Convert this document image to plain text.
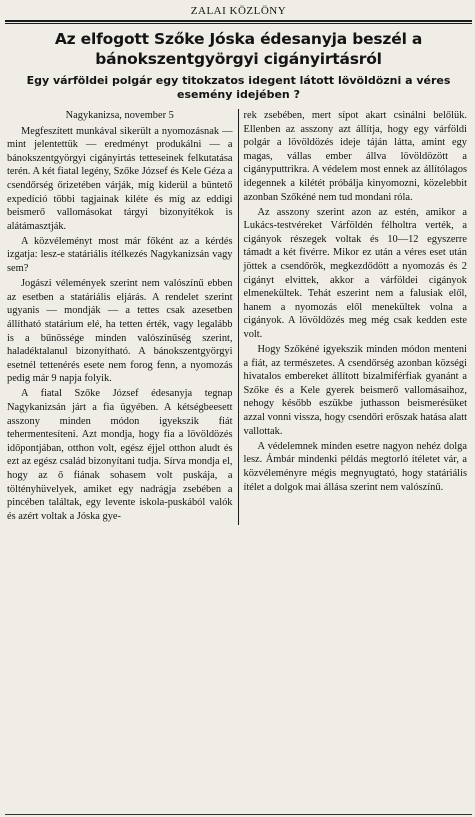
ZALAI KÖZLÖNY
Az elfogott Szőke Jóska édesanyja beszél a bánokszentgyörgyi cigányirtásról
Egy várföldei polgár egy titokzatos idegent látott lövöldözni a véres esemény idejében ?

Nagykanizsa, november 5

Megfeszített munkával sikerült a nyomozásnak — mint jelentettük — eredményt produkálni — a bánokszentgyörgyi cigányirtás tetteseinek felkutatása terén. A két fiatal legény, Szőke József és Kele Géza a csendőrség őrizetében várják, míg kiderül a büntető expedíció többi tagjainak kiléte és míg az eddigi beismerő vallomásokat tárgyi bizonyítékok is alátámasztják.

A közvéleményt most már főként az a kérdés izgatja: lesz-e statáriális ítélkezés Nagykanizsán vagy sem?

Jogászi vélemények szerint nem valószínű ebben az esetben a statáriális eljárás. A rendelet szerint ugyanis — mondják — a tettes csak azesetben állítható statárium elé, ha tetten érték, vagy legalább is a bűnössége minden valószínűség szerint, haladéktalanul bizonyítható. A bánokszentgyörgyi esetnél tettenérés esete nem forog fenn, a nyomozás pedig már 9 napja folyik.

A fiatal Szőke József édesanyja tegnap Nagykanizsán járt a fia ügyében. A kétségbeesett asszony minden módon igyekszik fiát tehermentesíteni. Azt mondja, hogy fia a lövöldözés időpontjában, otthon volt, egész éjjel otthon aludt és ezt az egész család bizonyítani tudja. Sírva mondja el, hogy az ő fiának sohasem volt puskája, a töltényhüvelyek, amiket egy nadrágja zsebében a pincében találtak, egy levente iskola-puskából valók és azért voltak a Jóska gye-

rek zsebében, mert sípot akart csinálni belőlük. Ellenben az asszony azt állítja, hogy egy várföldi polgár a lövöldözés ideje táján látta, amint egy magas, vállas ember állva lövöldözött a cigányputtrikra. A védelem most ennek az állítólagos idegennek a kilétét próbálja kinyomozni, közelebbit azonban Szőkéné nem tud mondani róla.

Az asszony szerint azon az estén, amikor a Lukács-testvéreket Várföldén félholtra verték, a cigányok részegek voltak és 10—12 egyszerre támadt a két fivérre. Mikor ez után a véres eset után jöttek a csendőrök, megkezdődött a nyomozás és 2 cigányt elvittek, akkor a várföldei cigányok elmenekültek. Tehát eszerint nem a falusiak elől, hanem a nyomozás elől menekültek volna a cigányok. A lövöldözés meg még csak kedden este volt.

Hogy Szőkéné igyekszik minden módon menteni a fiát, az természetes. A csendőrség azonban községi hivatalos embereket állított bizalmiférfiak gyanánt a Szőke és a Kele gyerek beismerő vallomásaihoz, nehogy később eszükbe juthasson beismerésüket azzal vonni vissza, hogy csendőri erőszak hatása alatt vallottak.

A védelemnek minden esetre nagyon nehéz dolga lesz. Ámbár mindenki példás megtorló ítéletet vár, a közvéleményre mégis megnyugtató, hogy statáriális ítélet a dolgok mai állása szerint nem valószínű.
